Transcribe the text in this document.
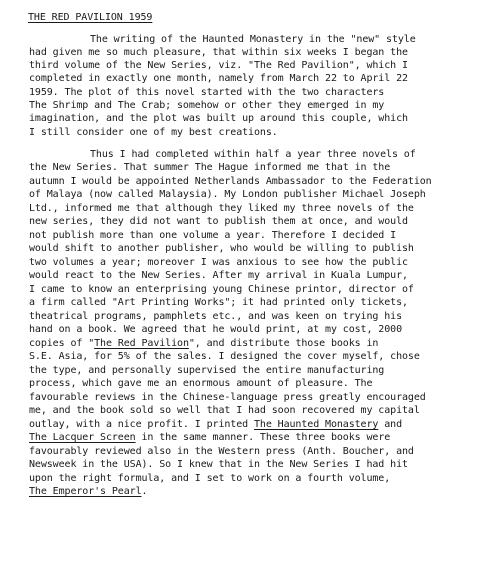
THE RED PAVILION 1959
The writing of the Haunted Monastery in the "new" style
had given me so much pleasure, that within six weeks I began the
third volume of the New Series, viz. "The Red Pavilion", which I
completed in exactly one month, namely from March 22 to April 22
1959. The plot of this novel started with the two characters
The Shrimp and The Crab; somehow or other they emerged in my
imagination, and the plot was built up around this couple, which
I still consider one of my best creations.
Thus I had completed within half a year three novels of
the New Series. That summer The Hague informed me that in the
autumn I would be appointed Netherlands Ambassador to the Federation
of Malaya (now called Malaysia). My London publisher Michael Joseph
Ltd., informed me that although they liked my three novels of the
new series, they did not want to publish them at once, and would
not publish more than one volume a year. Therefore I decided I
would shift to another publisher, who would be willing to publish
two volumes a year; moreover I was anxious to see how the public
would react to the New Series. After my arrival in Kuala Lumpur,
I came to know an enterprising young Chinese printor, director of
a firm called "Art Printing Works"; it had printed only tickets,
theatrical programs, pamphlets etc., and was keen on trying his
hand on a book. We agreed that he would print, at my cost, 2000
copies of "The Red Pavilion", and distribute those books in
S.E. Asia, for 5% of the sales. I designed the cover myself, chose
the type, and personally supervised the entire manufacturing
process, which gave me an enormous amount of pleasure. The
favourable reviews in the Chinese-language press greatly encouraged
me, and the book sold so well that I had soon recovered my capital
outlay, with a nice profit. I printed The Haunted Monastery and
The Lacquer Screen in the same manner. These three books were
favourably reviewed also in the Western press (Anth. Boucher, and
Newsweek in the USA). So I knew that in the New Series I had hit
upon the right formula, and I set to work on a fourth volume,
The Emperor's Pearl.
